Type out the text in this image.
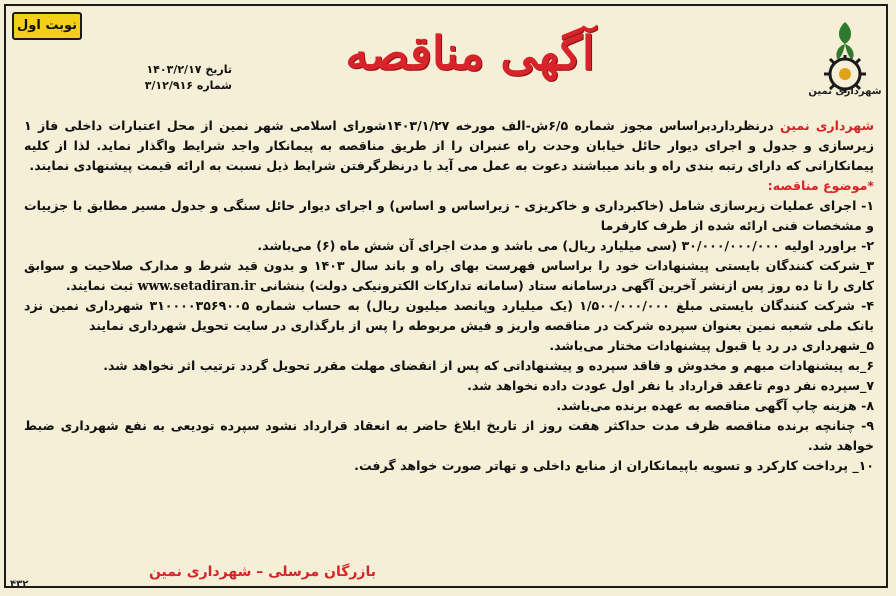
نوبت اول
تاریخ ۱۴۰۳/۲/۱۷
شماره ۳/۱۲/۹۱۶
آگهی مناقصه
شهرداری نمین

شهرداری نمین درنظرداردبراساس مجوز شماره ۶/۵ش-الف مورخه ۱۴۰۳/۱/۲۷شورای اسلامی شهر نمین از محل اعتبارات داخلی فاز ۱ زیرسازی و جدول و اجرای دیوار حائل خیابان وحدت راه عنبران را از طریق مناقصه به پیمانکار واجد شرایط واگذار نماید. لذا از کلیه پیمانکارانی که دارای رتبه بندی راه و باند میباشند دعوت به عمل می آید با درنظرگرفتن شرایط ذیل نسبت به ارائه قیمت پیشنهادی نمایند.

*موضوع مناقصه:

۱- اجرای عملیات زیرسازی شامل (خاکبرداری و خاکریزی - زیراساس و اساس) و اجرای دیوار حائل سنگی و جدول مسیر مطابق با جزییات و مشخصات فنی ارائه شده از طرف کارفرما

۲- براورد اولیه ۳۰/۰۰۰/۰۰۰/۰۰۰ (سی میلیارد ریال) می باشد و مدت اجرای آن شش ماه (۶) می‌باشد.

۳_شرکت کنندگان بایستی پیشنهادات خود را براساس فهرست بهای راه و باند سال ۱۴۰۳ و بدون قید شرط و مدارک صلاحیت و سوابق کاری را تا ده روز پس ازنشر آخرین آگهی درسامانه ستاد (سامانه تدارکات الکترونیکی دولت) بنشانی www.setadiran.ir ثبت نمایند.

۴- شرکت کنندگان بایستی مبلغ ۱/۵۰۰/۰۰۰/۰۰۰ (یک میلیارد وپانصد میلیون ریال) به حساب شماره ۳۱۰۰۰۰۳۵۶۹۰۰۵ شهرداری نمین نزد بانک ملی شعبه نمین بعنوان سپرده شرکت در مناقصه واریز و فیش مربوطه را پس از بارگذاری در سایت تحویل شهرداری نمایند

۵_شهرداری در رد یا قبول پیشنهادات مختار می‌باشد.

۶_به پیشنهادات مبهم و مخدوش و فاقد سپرده و پیشنهاداتی که پس از انقضای مهلت مقرر تحویل گردد ترتیب اثر نخواهد شد.

۷_سپرده نفر دوم تاعقد قرارداد با نفر اول عودت داده نخواهد شد.

۸- هزینه چاپ آگهی مناقصه به عهده برنده می‌باشد.

۹- چنانچه برنده مناقصه ظرف مدت حداکثر هفت روز از تاریخ ابلاغ حاضر به انعقاد قرارداد نشود سپرده تودیعی به نفع شهرداری ضبط خواهد شد.

۱۰_ پرداخت کارکرد و تسویه باپیمانکاران از منابع داخلی و تهاتر صورت خواهد گرفت.

بازرگان مرسلی – شهرداری نمین
۴۳۲
